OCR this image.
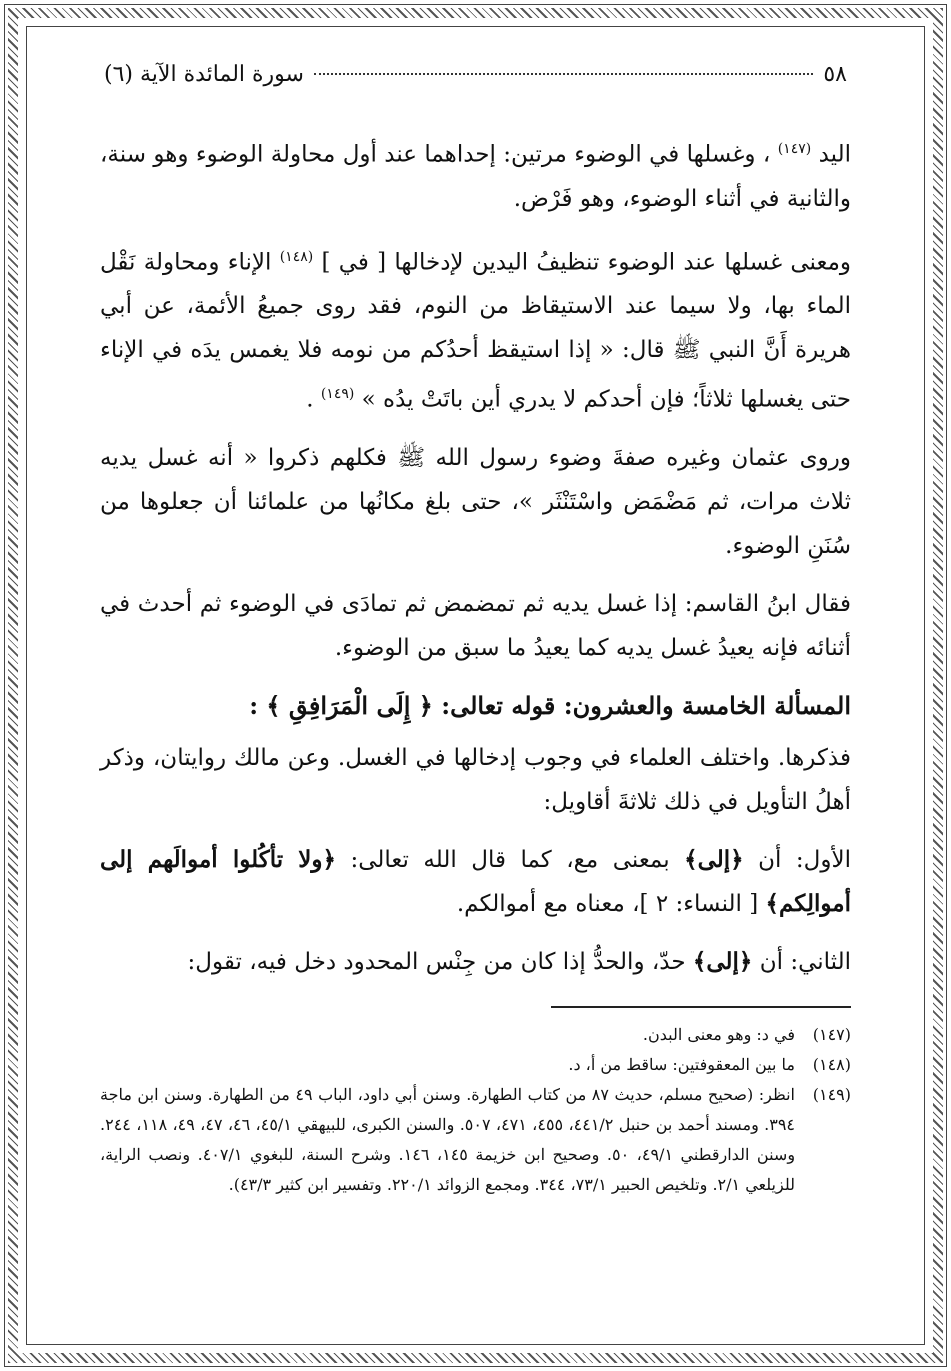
٥٨
سورة المائدة الآية (٦)

اليد $^{(١٤٧)}$ ، وغسلها في الوضوء مرتين: إحداهما عند أول محاولة الوضوء وهو سنة، والثانية في أثناء الوضوء، وهو فَرْض.

ومعنى غسلها عند الوضوء تنظيفُ اليدين لإدخالها [ في ] $^{(١٤٨)}$ الإناء ومحاولة نَقْل الماء بها، ولا سيما عند الاستيقاظ من النوم، فقد روى جميعُ الأئمة، عن أبي هريرة أَنَّ النبي ﷺ قال: « إذا استيقظ أحدُكم من نومه فلا يغمس يدَه في الإناء حتى يغسلها ثلاثاً؛ فإن أحدكم لا يدري أين باتَتْ يدُه » $^{(١٤٩)}$ .

وروى عثمان وغيره صفةَ وضوء رسول الله ﷺ فكلهم ذكروا « أنه غسل يديه ثلاث مرات، ثم مَضْمَض واسْتَنْثَر »، حتى بلغ مكانُها من علمائنا أن جعلوها من سُنَنِ الوضوء.

فقال ابنُ القاسم: إذا غسل يديه ثم تمضمض ثم تمادَى في الوضوء ثم أحدث في أثنائه فإنه يعيدُ غسل يديه كما يعيدُ ما سبق من الوضوء.

المسألة الخامسة والعشرون: قوله تعالى: ﴿ إِلَى الْمَرَافِقِ ﴾ :

فذكرها. واختلف العلماء في وجوب إدخالها في الغسل. وعن مالك روايتان، وذكر أهلُ التأويل في ذلك ثلاثةَ أقاويل:

الأول: أن ﴿إلى﴾ بمعنى مع، كما قال الله تعالى: ﴿ولا تأكُلوا أموالَهم إلى أموالِكم﴾ [ النساء: ٢ ]، معناه مع أموالكم.

الثاني: أن ﴿إلى﴾ حدّ، والحدُّ إذا كان من جِنْس المحدود دخل فيه، تقول:

(١٤٧)
في د: وهو معنى البدن.

(١٤٨)
ما بين المعقوفتين: ساقط من أ، د.

(١٤٩)
انظر: (صحيح مسلم، حديث ٨٧ من كتاب الطهارة. وسنن أبي داود، الباب ٤٩ من الطهارة. وسنن ابن ماجة ٣٩٤. ومسند أحمد بن حنبل ٤٤١/٢، ٤٥٥، ٤٧١، ٥٠٧. والسنن الكبرى، للبيهقي ٤٥/١، ٤٦، ٤٧، ٤٩، ١١٨، ٢٤٤. وسنن الدارقطني ٤٩/١، ٥٠. وصحيح ابن خزيمة ١٤٥، ١٤٦. وشرح السنة، للبغوي ٤٠٧/١. ونصب الراية، للزيلعي ٢/١. وتلخيص الحبير ٧٣/١، ٣٤٤. ومجمع الزوائد ٢٢٠/١. وتفسير ابن كثير ٤٣/٣).
